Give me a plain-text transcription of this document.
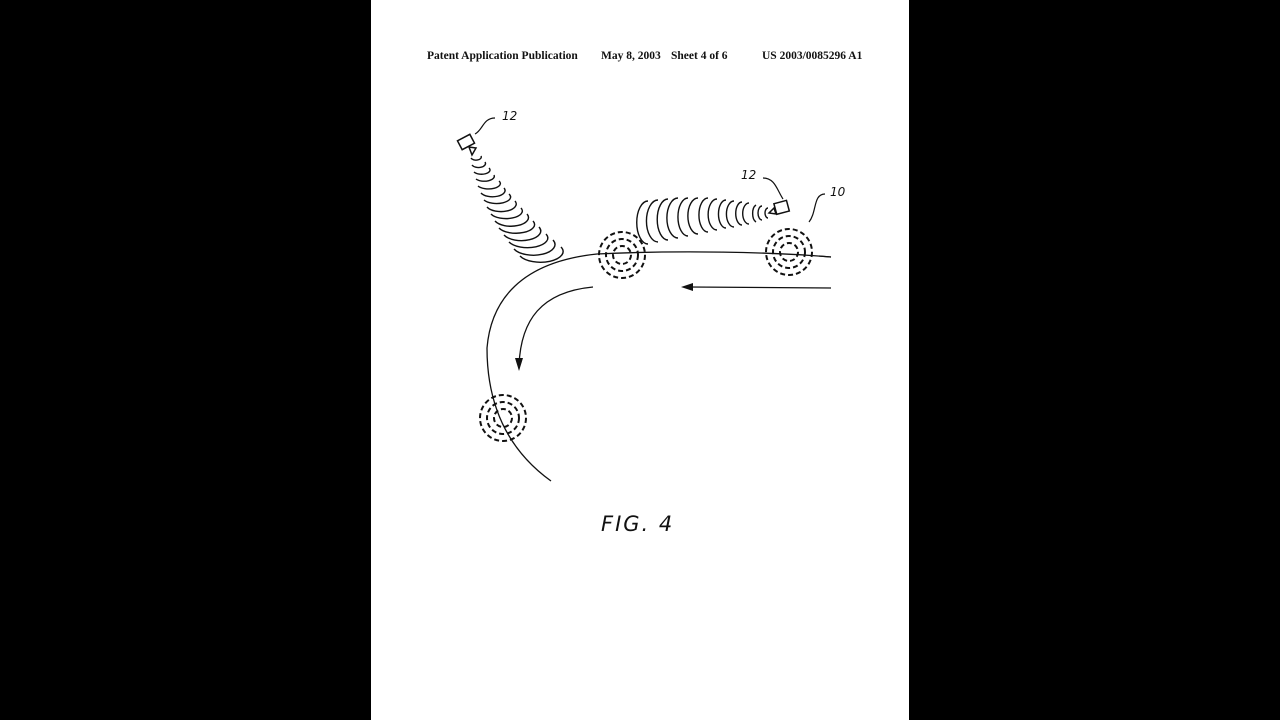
Patent Application Publication May 8, 2003 Sheet 4 of 6	US 2003/0085296 A1
12
12
10
FIG. 4
